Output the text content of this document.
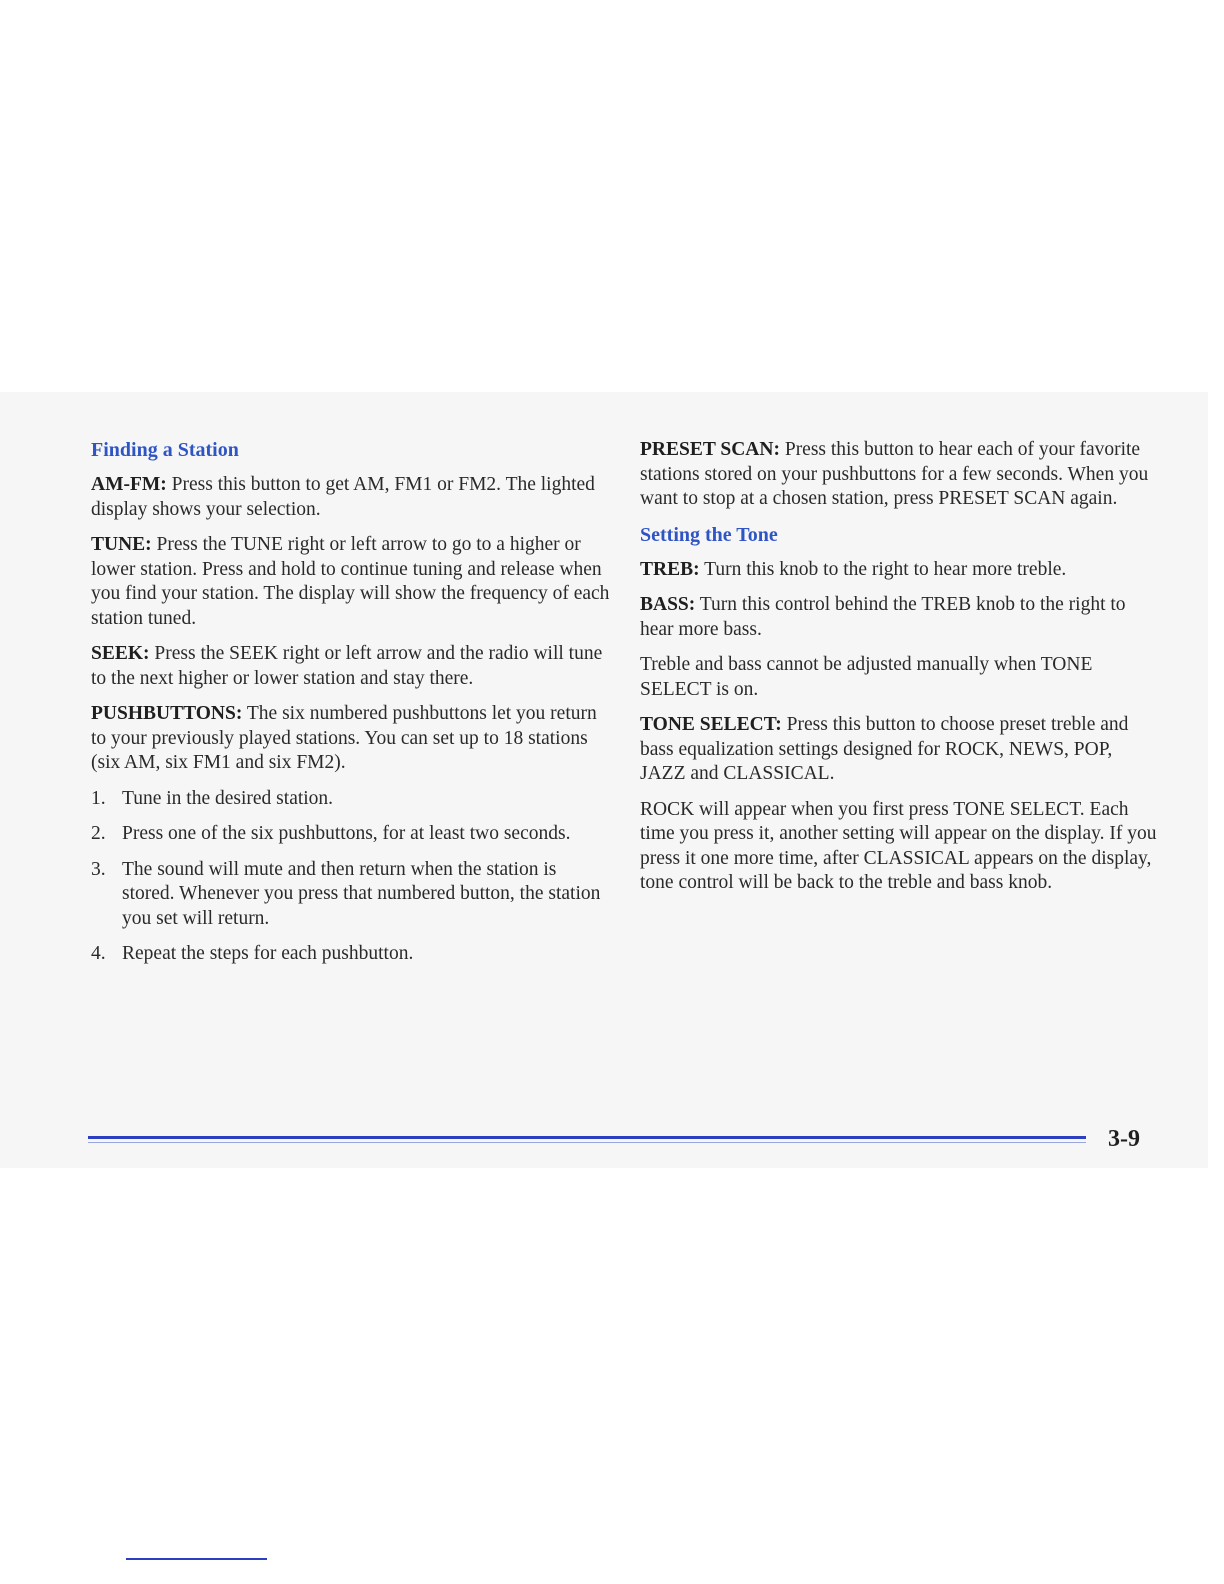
Finding a Station

AM-FM: Press this button to get AM, FM1 or FM2. The lighted display shows your selection.

TUNE: Press the TUNE right or left arrow to go to a higher or lower station. Press and hold to continue tuning and release when you find your station. The display will show the frequency of each station tuned.

SEEK: Press the SEEK right or left arrow and the radio will tune to the next higher or lower station and stay there.

PUSHBUTTONS: The six numbered pushbuttons let you return to your previously played stations. You can set up to 18 stations (six AM, six FM1 and six FM2).

1. Tune in the desired station.
2. Press one of the six pushbuttons, for at least two seconds.
3. The sound will mute and then return when the station is stored. Whenever you press that numbered button, the station you set will return.
4. Repeat the steps for each pushbutton.

PRESET SCAN: Press this button to hear each of your favorite stations stored on your pushbuttons for a few seconds. When you want to stop at a chosen station, press PRESET SCAN again.

Setting the Tone

TREB: Turn this knob to the right to hear more treble.

BASS: Turn this control behind the TREB knob to the right to hear more bass.

Treble and bass cannot be adjusted manually when TONE SELECT is on.

TONE SELECT: Press this button to choose preset treble and bass equalization settings designed for ROCK, NEWS, POP, JAZZ and CLASSICAL.

ROCK will appear when you first press TONE SELECT. Each time you press it, another setting will appear on the display. If you press it one more time, after CLASSICAL appears on the display, tone control will be back to the treble and bass knob.

3-9
